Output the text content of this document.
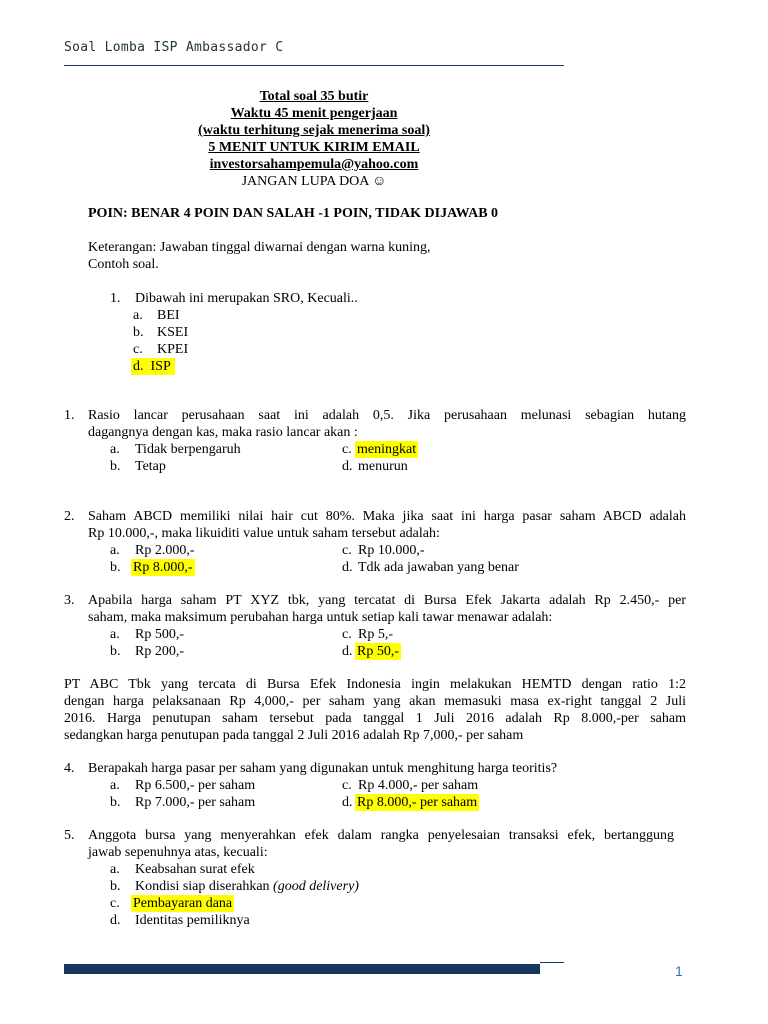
Soal Lomba ISP Ambassador C
Total soal 35 butir
Waktu 45 menit pengerjaan
(waktu terhitung sejak menerima soal)
5 MENIT UNTUK KIRIM EMAIL
investorsahampemula@yahoo.com
JANGAN LUPA DOA ☺
POIN: BENAR 4 POIN DAN SALAH -1 POIN, TIDAK DIJAWAB 0
Keterangan: Jawaban tinggal diwarnai dengan warna kuning,
Contoh soal.
1. Dibawah ini merupakan SRO, Kecuali..
a. BEI
b. KSEI
c. KPEI
d. ISP
1. Rasio lancar perusahaan saat ini adalah 0,5. Jika perusahaan melunasi sebagian hutang
dagangnya dengan kas, maka rasio lancar akan :
a. Tidak berpengaruh
b. Tetap
c. meningkat
d. menurun
2. Saham ABCD memiliki nilai hair cut 80%. Maka jika saat ini harga pasar saham ABCD adalah
Rp 10.000,-, maka likuiditi value untuk saham tersebut adalah:
a. Rp 2.000,-
b. Rp 8.000,-
c. Rp 10.000,-
d. Tdk ada jawaban yang benar
3. Apabila harga saham PT XYZ tbk, yang tercatat di Bursa Efek Jakarta adalah Rp 2.450,- per
saham, maka maksimum perubahan harga untuk setiap kali tawar menawar adalah:
a. Rp 500,-
b. Rp 200,-
c. Rp 5,-
d. Rp 50,-
PT ABC Tbk yang tercata di Bursa Efek Indonesia ingin melakukan HEMTD dengan ratio 1:2
dengan harga pelaksanaan Rp 4,000,- per saham yang akan memasuki masa ex-right tanggal 2 Juli
2016. Harga penutupan saham tersebut pada tanggal 1 Juli 2016 adalah Rp 8.000,-per saham
sedangkan harga penutupan pada tanggal 2 Juli 2016 adalah Rp 7,000,- per saham
4. Berapakah harga pasar per saham yang digunakan untuk menghitung harga teoritis?
a. Rp 6.500,- per saham
b. Rp 7.000,- per saham
c. Rp 4.000,- per saham
d. Rp 8.000,- per saham
5. Anggota bursa yang menyerahkan efek dalam rangka penyelesaian transaksi efek, bertanggung
jawab sepenuhnya atas, kecuali:
a. Keabsahan surat efek
b. Kondisi siap diserahkan (good delivery)
c. Pembayaran dana
d. Identitas pemiliknya
1
